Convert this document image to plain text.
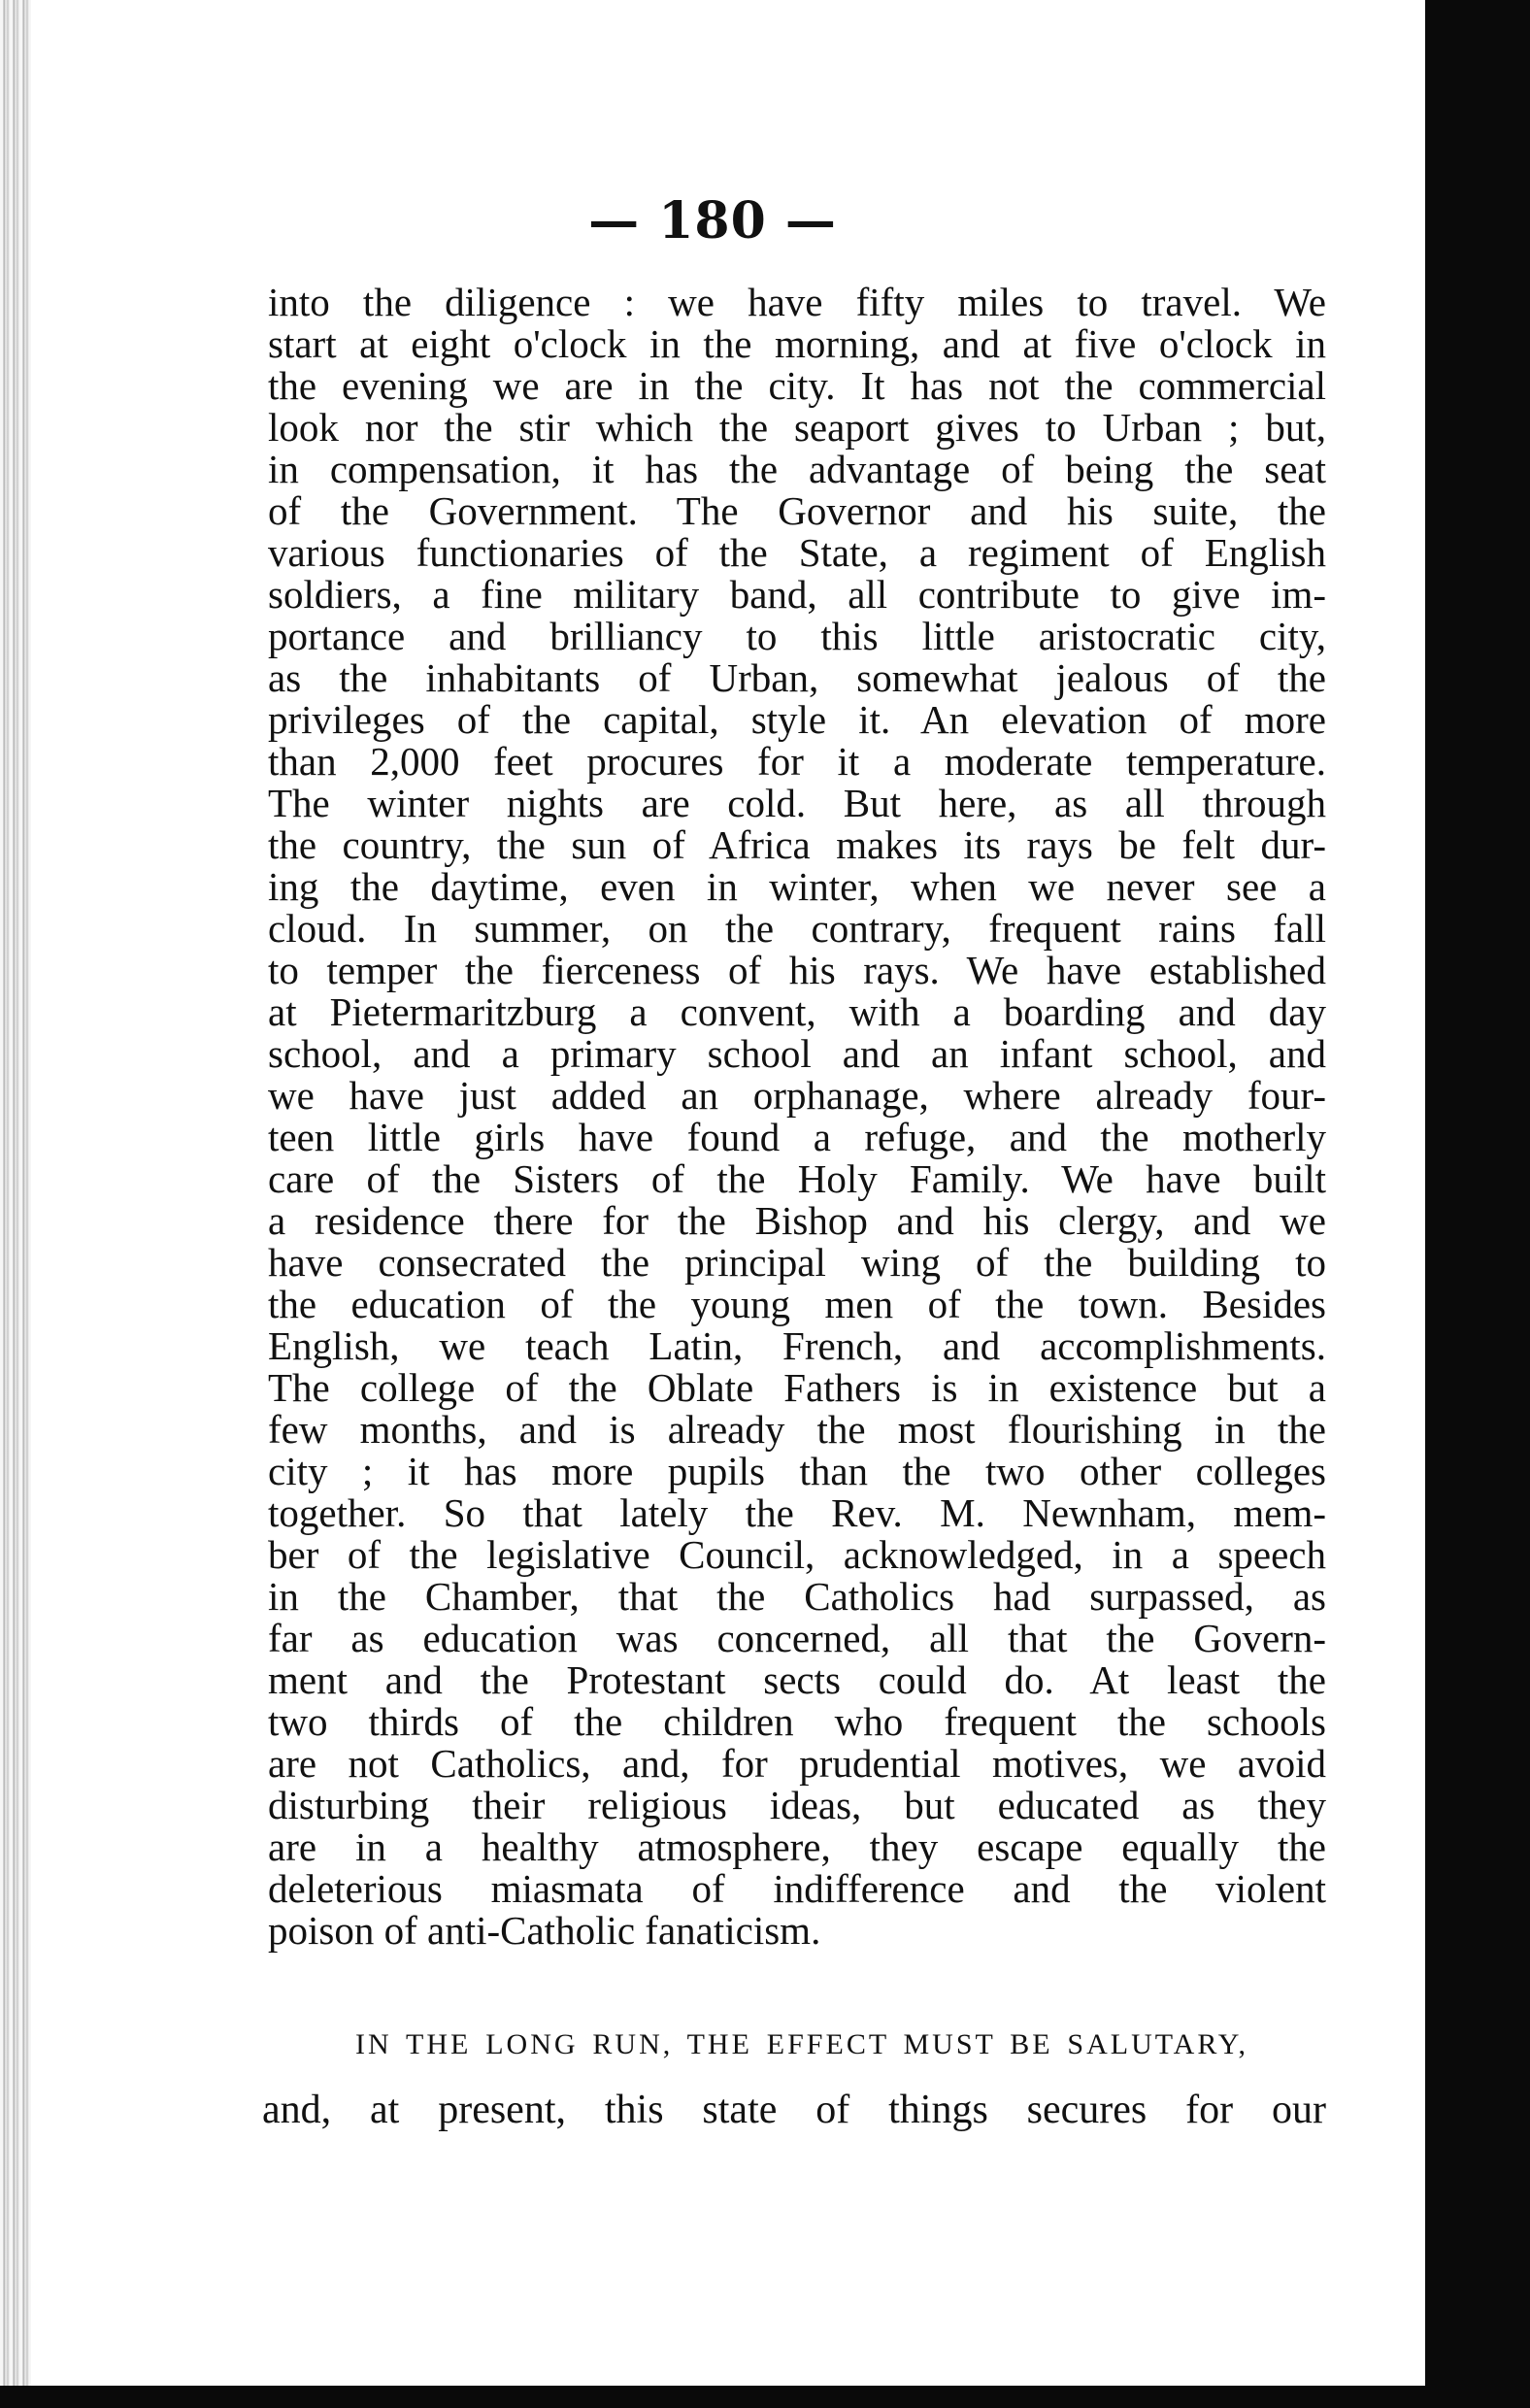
— 180 —
into the diligence : we have fifty miles to travel. We
start at eight o'clock in the morning, and at five o'clock in
the evening we are in the city. It has not the commercial
look nor the stir which the seaport gives to Urban ; but,
in compensation, it has the advantage of being the seat
of the Government. The Governor and his suite, the
various functionaries of the State, a regiment of English
soldiers, a fine military band, all contribute to give im-
portance and brilliancy to this little aristocratic city,
as the inhabitants of Urban, somewhat jealous of the
privileges of the capital, style it. An elevation of more
than 2,000 feet procures for it a moderate temperature.
The winter nights are cold. But here, as all through
the country, the sun of Africa makes its rays be felt dur-
ing the daytime, even in winter, when we never see a
cloud. In summer, on the contrary, frequent rains fall
to temper the fierceness of his rays. We have established
at Pietermaritzburg a convent, with a boarding and day
school, and a primary school and an infant school, and
we have just added an orphanage, where already four-
teen little girls have found a refuge, and the motherly
care of the Sisters of the Holy Family. We have built
a residence there for the Bishop and his clergy, and we
have consecrated the principal wing of the building to
the education of the young men of the town. Besides
English, we teach Latin, French, and accomplishments.
The college of the Oblate Fathers is in existence but a
few months, and is already the most flourishing in the
city ; it has more pupils than the two other colleges
together. So that lately the Rev. M. Newnham, mem-
ber of the legislative Council, acknowledged, in a speech
in the Chamber, that the Catholics had surpassed, as
far as education was concerned, all that the Govern-
ment and the Protestant sects could do. At least the
two thirds of the children who frequent the schools
are not Catholics, and, for prudential motives, we avoid
disturbing their religious ideas, but educated as they
are in a healthy atmosphere, they escape equally the
deleterious miasmata of indifference and the violent
poison of anti-Catholic fanaticism.
IN THE LONG RUN, THE EFFECT MUST BE SALUTARY,
and, at present, this state of things secures for our
